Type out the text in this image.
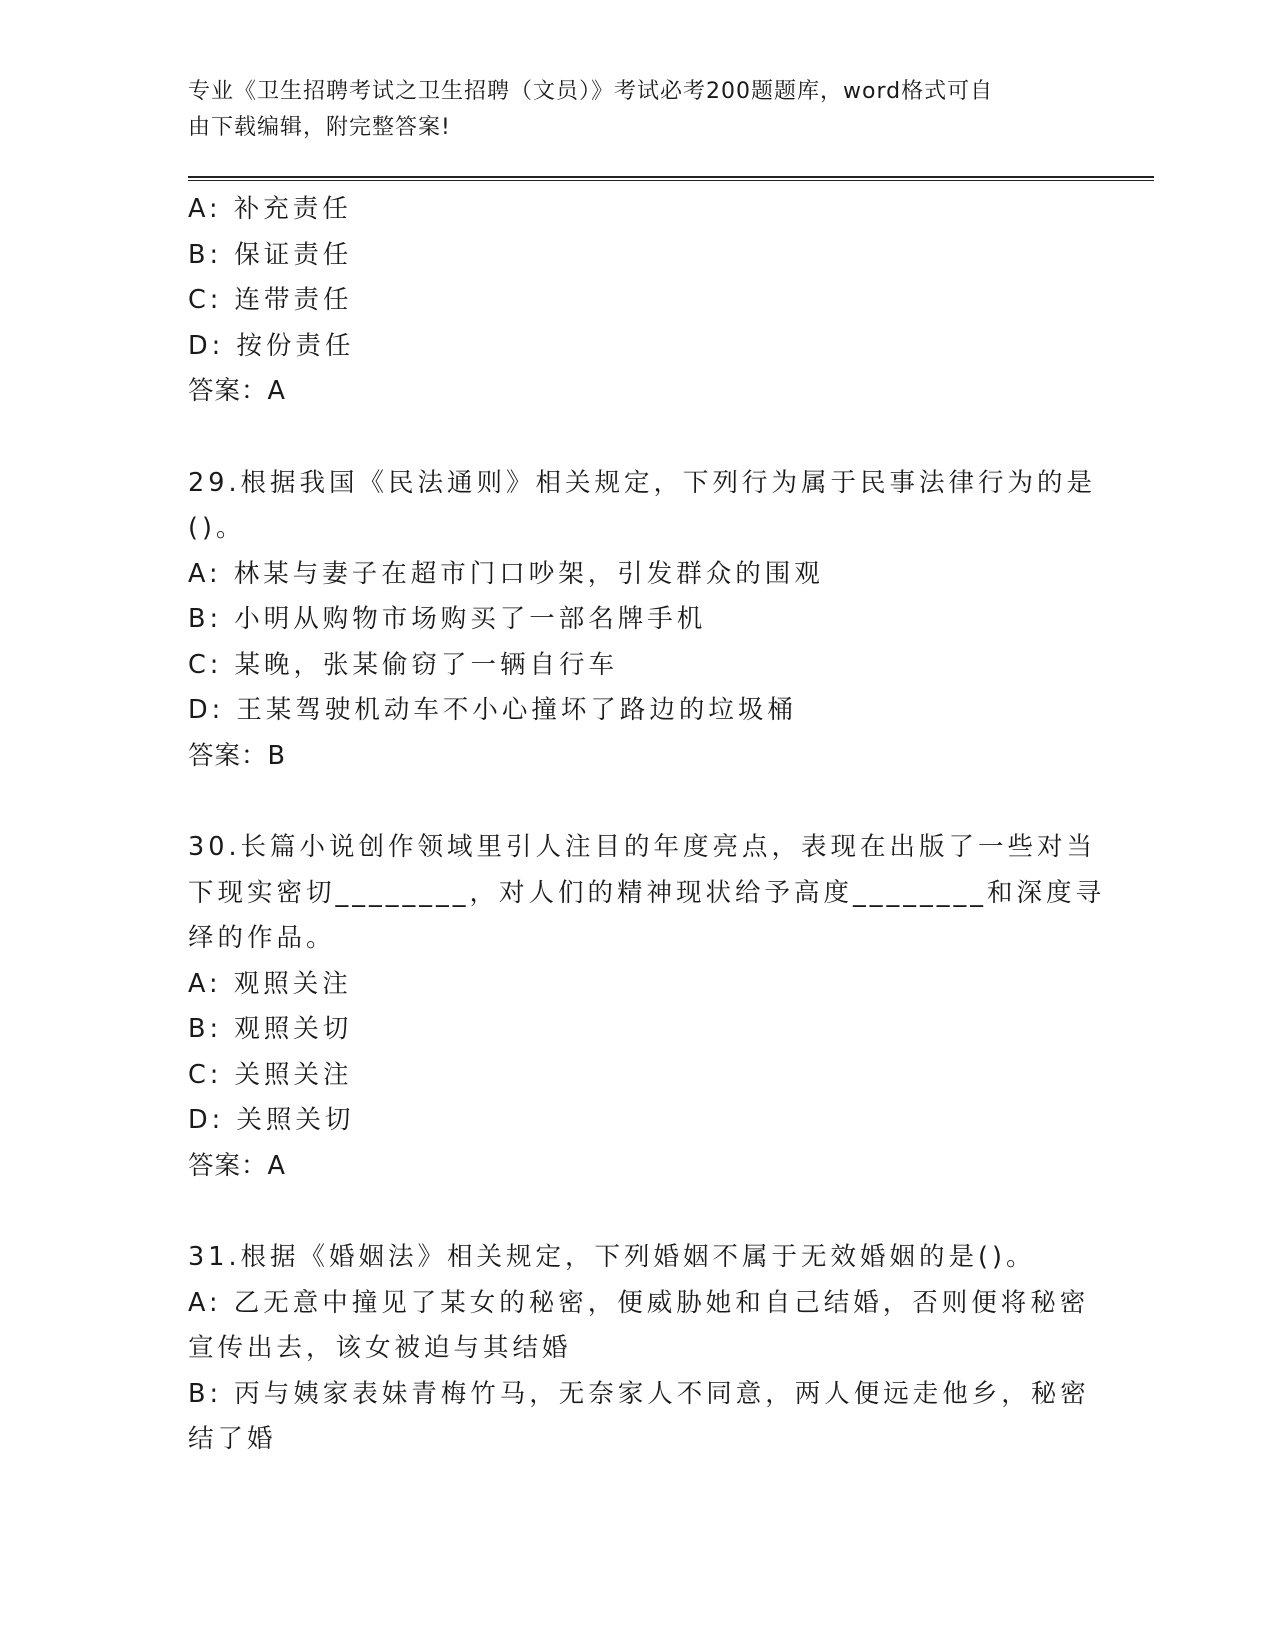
专业《卫生招聘考试之卫生招聘（文员）》考试必考200题题库，word格式可自
由下载编辑，附完整答案!
A: 补充责任
B: 保证责任
C: 连带责任
D: 按份责任
答案：A
29.根据我国《民法通则》相关规定，下列行为属于民事法律行为的是
()。
A: 林某与妻子在超市门口吵架，引发群众的围观
B: 小明从购物市场购买了一部名牌手机
C: 某晚，张某偷窃了一辆自行车
D: 王某驾驶机动车不小心撞坏了路边的垃圾桶
答案：B
30.长篇小说创作领域里引人注目的年度亮点，表现在出版了一些对当
下现实密切________，对人们的精神现状给予高度________和深度寻
绎的作品。
A: 观照关注
B: 观照关切
C: 关照关注
D: 关照关切
答案：A
31.根据《婚姻法》相关规定，下列婚姻不属于无效婚姻的是()。
A: 乙无意中撞见了某女的秘密，便威胁她和自己结婚，否则便将秘密
宣传出去，该女被迫与其结婚
B: 丙与姨家表妹青梅竹马，无奈家人不同意，两人便远走他乡，秘密
结了婚
